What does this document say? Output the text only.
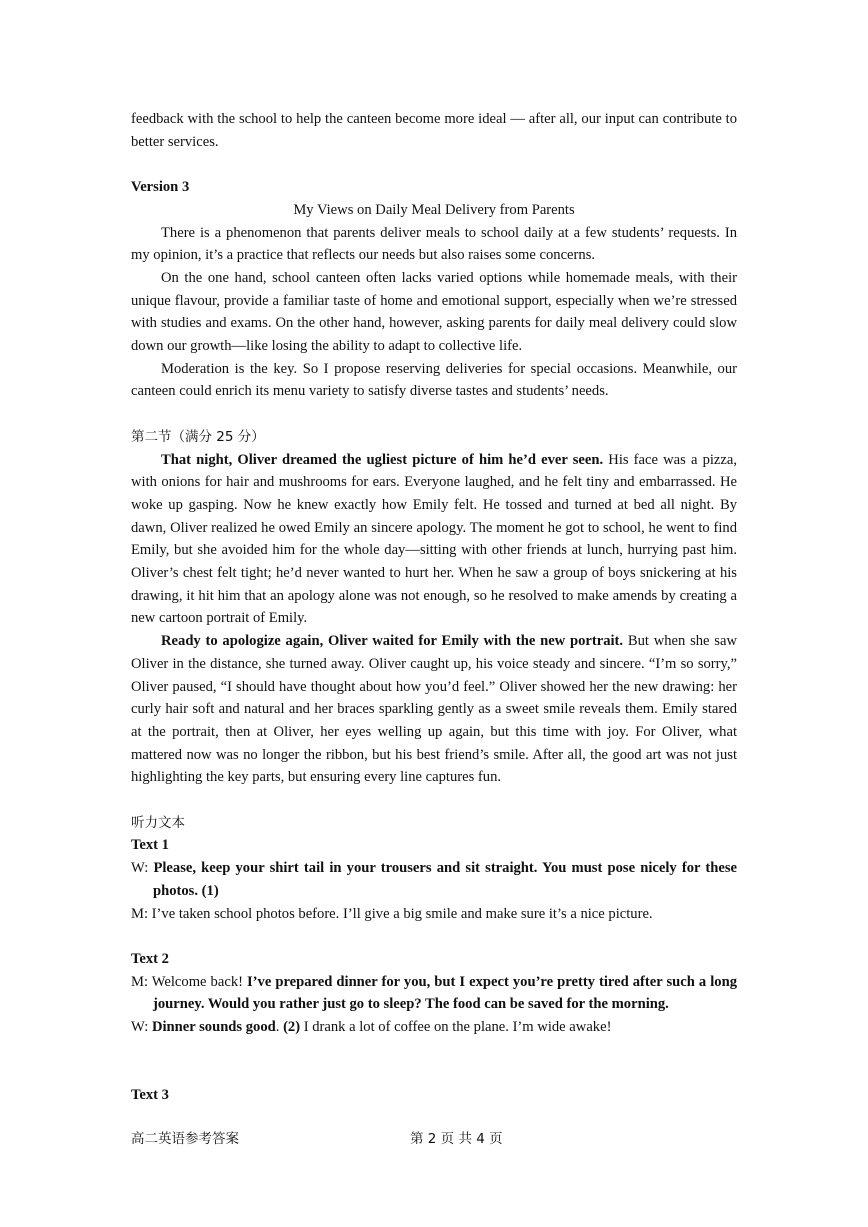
feedback with the school to help the canteen become more ideal — after all, our input can contribute to better services.

Version 3

My Views on Daily Meal Delivery from Parents

There is a phenomenon that parents deliver meals to school daily at a few students’ requests. In my opinion, it’s a practice that reflects our needs but also raises some concerns.

On the one hand, school canteen often lacks varied options while homemade meals, with their unique flavour, provide a familiar taste of home and emotional support, especially when we’re stressed with studies and exams. On the other hand, however, asking parents for daily meal delivery could slow down our growth—like losing the ability to adapt to collective life.

Moderation is the key. So I propose reserving deliveries for special occasions. Meanwhile, our canteen could enrich its menu variety to satisfy diverse tastes and students’ needs.

第二节（满分 25 分）

That night, Oliver dreamed the ugliest picture of him he’d ever seen. His face was a pizza, with onions for hair and mushrooms for ears. Everyone laughed, and he felt tiny and embarrassed. He woke up gasping. Now he knew exactly how Emily felt. He tossed and turned at bed all night. By dawn, Oliver realized he owed Emily an sincere apology. The moment he got to school, he went to find Emily, but she avoided him for the whole day—sitting with other friends at lunch, hurrying past him. Oliver’s chest felt tight; he’d never wanted to hurt her. When he saw a group of boys snickering at his drawing, it hit him that an apology alone was not enough, so he resolved to make amends by creating a new cartoon portrait of Emily.

Ready to apologize again, Oliver waited for Emily with the new portrait. But when she saw Oliver in the distance, she turned away. Oliver caught up, his voice steady and sincere. “I’m so sorry,” Oliver paused, “I should have thought about how you’d feel.” Oliver showed her the new drawing: her curly hair soft and natural and her braces sparkling gently as a sweet smile reveals them. Emily stared at the portrait, then at Oliver, her eyes welling up again, but this time with joy. For Oliver, what mattered now was no longer the ribbon, but his best friend’s smile. After all, the good art was not just highlighting the key parts, but ensuring every line captures fun.

听力文本

Text 1

W: Please, keep your shirt tail in your trousers and sit straight. You must pose nicely for these photos. (1)

M: I’ve taken school photos before. I’ll give a big smile and make sure it’s a nice picture.

Text 2

M: Welcome back! I’ve prepared dinner for you, but I expect you’re pretty tired after such a long journey. Would you rather just go to sleep? The food can be saved for the morning.

W: Dinner sounds good. (2) I drank a lot of coffee on the plane. I’m wide awake!

Text 3

高二英语参考答案	第 2 页 共 4 页
